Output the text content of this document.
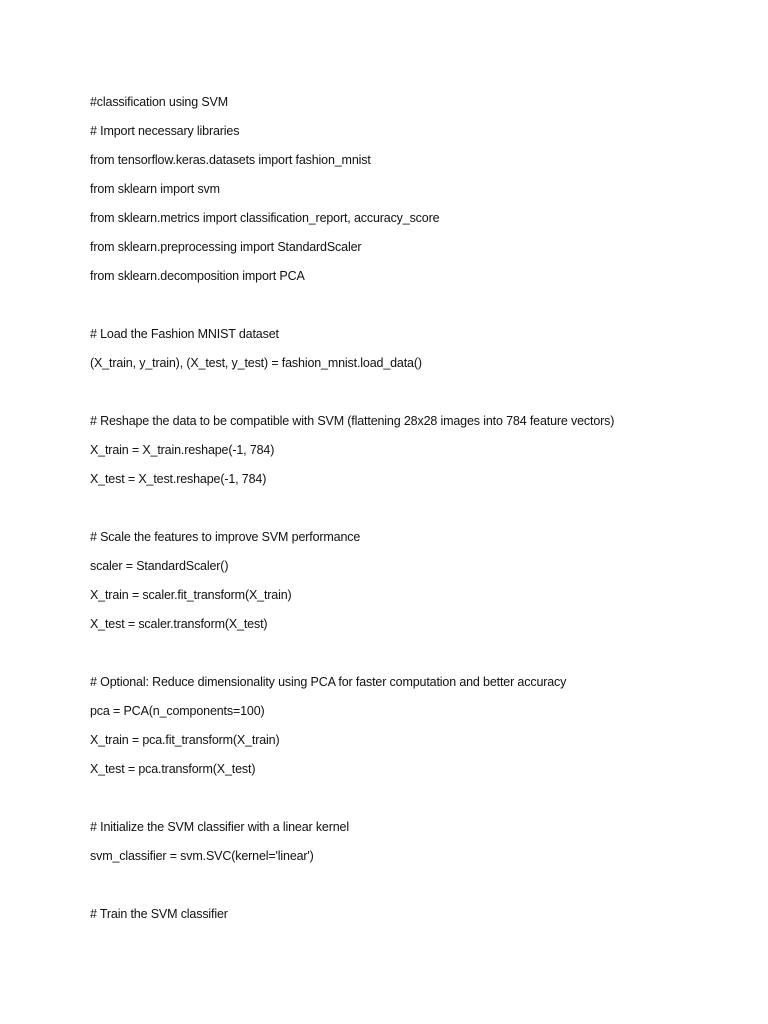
#classification using SVM
# Import necessary libraries
from tensorflow.keras.datasets import fashion_mnist
from sklearn import svm
from sklearn.metrics import classification_report, accuracy_score
from sklearn.preprocessing import StandardScaler
from sklearn.decomposition import PCA
# Load the Fashion MNIST dataset
(X_train, y_train), (X_test, y_test) = fashion_mnist.load_data()
# Reshape the data to be compatible with SVM (flattening 28x28 images into 784 feature vectors)
X_train = X_train.reshape(-1, 784)
X_test = X_test.reshape(-1, 784)
# Scale the features to improve SVM performance
scaler = StandardScaler()
X_train = scaler.fit_transform(X_train)
X_test = scaler.transform(X_test)
# Optional: Reduce dimensionality using PCA for faster computation and better accuracy
pca = PCA(n_components=100)
X_train = pca.fit_transform(X_train)
X_test = pca.transform(X_test)
# Initialize the SVM classifier with a linear kernel
svm_classifier = svm.SVC(kernel='linear')
# Train the SVM classifier
